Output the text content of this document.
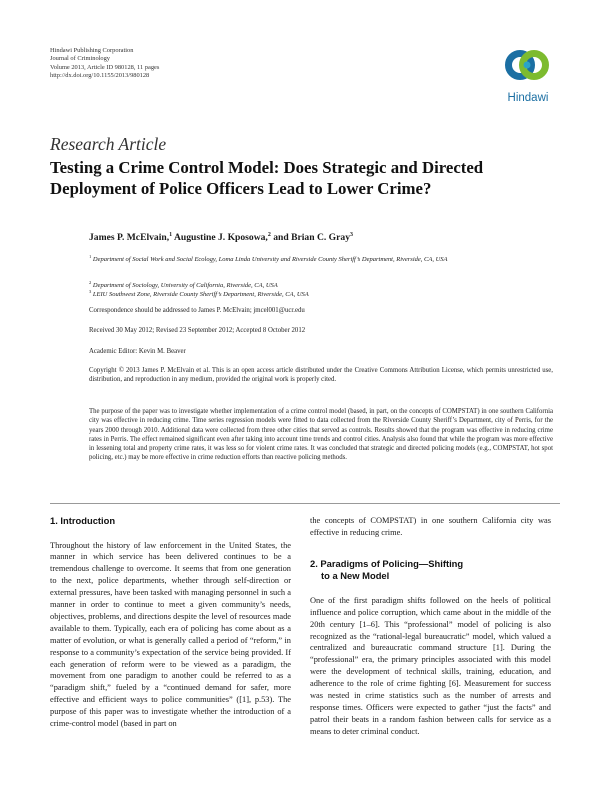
Hindawi Publishing Corporation
Journal of Criminology
Volume 2013, Article ID 980128, 11 pages
http://dx.doi.org/10.1155/2013/980128
Hindawi
Research Article
Testing a Crime Control Model: Does Strategic and Directed Deployment of Police Officers Lead to Lower Crime?
James P. McElvain,$^1$ Augustine J. Kposowa,$^2$ and Brian C. Gray$^3$
$^1$ Department of Social Work and Social Ecology, Loma Linda University and Riverside County Sheriff’s Department, Riverside, CA, USA
$^2$ Department of Sociology, University of California, Riverside, CA, USA
$^3$ LEIU Southwest Zone, Riverside County Sheriff’s Department, Riverside, CA, USA
Correspondence should be addressed to James P. McElvain; jmcel001@ucr.edu
Received 30 May 2012; Revised 23 September 2012; Accepted 8 October 2012
Academic Editor: Kevin M. Beaver
Copyright © 2013 James P. McElvain et al. This is an open access article distributed under the Creative Commons Attribution License, which permits unrestricted use, distribution, and reproduction in any medium, provided the original work is properly cited.
The purpose of the paper was to investigate whether implementation of a crime control model (based, in part, on the concepts of COMPSTAT) in one southern California city was effective in reducing crime. Time series regression models were fitted to data collected from the Riverside County Sheriff’s Department, city of Perris, for the years 2000 through 2010. Additional data were collected from three other cities that served as controls. Results showed that the program was effective in reducing crime rates in Perris. The effect remained significant even after taking into account time trends and control cities. Analysis also found that while the program was more effective in lessening total and property crime rates, it was less so for violent crime rates. It was concluded that strategic and directed policing models (e.g., COMPSTAT, hot spot policing, etc.) may be more effective in crime reduction efforts than reactive policing methods.
1. Introduction

Throughout the history of law enforcement in the United States, the manner in which service has been delivered continues to be a tremendous challenge to overcome. It seems that from one generation to the next, police departments, whether through self-direction or external pressures, have been tasked with managing personnel in such a manner in order to continue to meet a given community’s needs, objectives, problems, and directions despite the level of resources made available to them. Typically, each era of policing has come about as a matter of evolution, or what is generally called a period of “reform,” in response to a community’s expectation of the service being provided. If each generation of reform were to be viewed as a paradigm, the movement from one paradigm to another could be referred to as a “paradigm shift,” fueled by a “continued demand for safer, more effective and efficient ways to police communities” ([1], p.53). The purpose of this paper was to investigate whether the introduction of a crime-control model (based in part on

the concepts of COMPSTAT) in one southern California city was effective in reducing crime.

2. Paradigms of Policing—Shifting
to a New Model

One of the first paradigm shifts followed on the heels of political influence and police corruption, which came about in the middle of the 20th century [1–6]. This “professional” model of policing is also recognized as the “rational-legal bureaucratic” model, which valued a centralized and bureaucratic command structure [1]. During the “professional” era, the primary principles associated with this model were the development of technical skills, training, education, and adherence to the role of crime fighting [6]. Measurement for success was nested in crime statistics such as the number of arrests and response times. Officers were expected to gather “just the facts” and patrol their beats in a random fashion between calls for service as a means to deter criminal conduct.
